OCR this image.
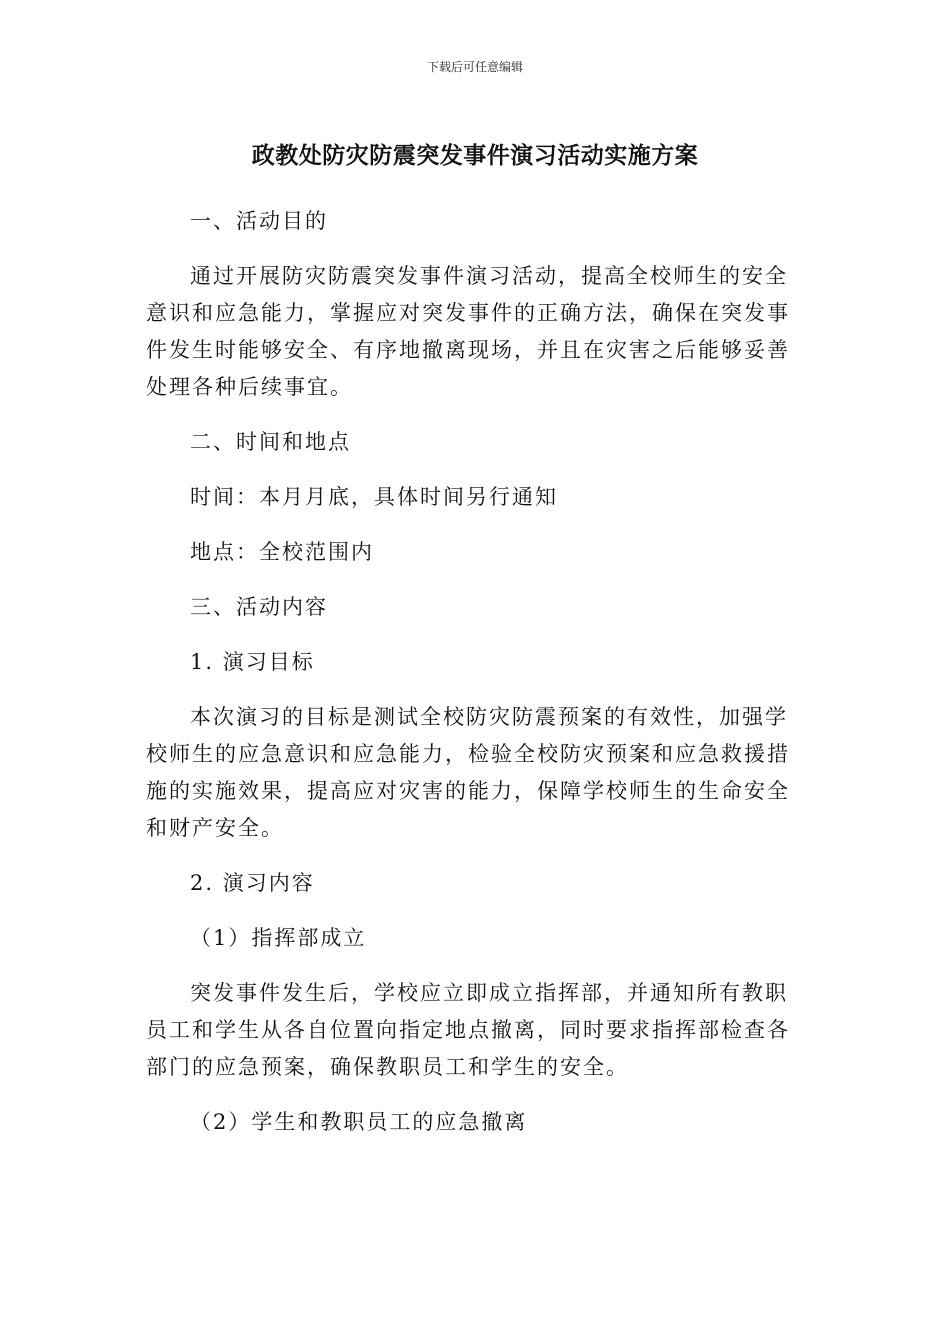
下载后可任意编辑
政教处防灾防震突发事件演习活动实施方案

一、活动目的

通过开展防灾防震突发事件演习活动，提高全校师生的安全意识和应急能力，掌握应对突发事件的正确方法，确保在突发事件发生时能够安全、有序地撤离现场，并且在灾害之后能够妥善处理各种后续事宜。

二、时间和地点

时间：本月月底，具体时间另行通知

地点：全校范围内

三、活动内容

1. 演习目标

本次演习的目标是测试全校防灾防震预案的有效性，加强学校师生的应急意识和应急能力，检验全校防灾预案和应急救援措施的实施效果，提高应对灾害的能力，保障学校师生的生命安全和财产安全。

2. 演习内容

（1）指挥部成立

突发事件发生后，学校应立即成立指挥部，并通知所有教职员工和学生从各自位置向指定地点撤离，同时要求指挥部检查各部门的应急预案，确保教职员工和学生的安全。

（2）学生和教职员工的应急撤离
